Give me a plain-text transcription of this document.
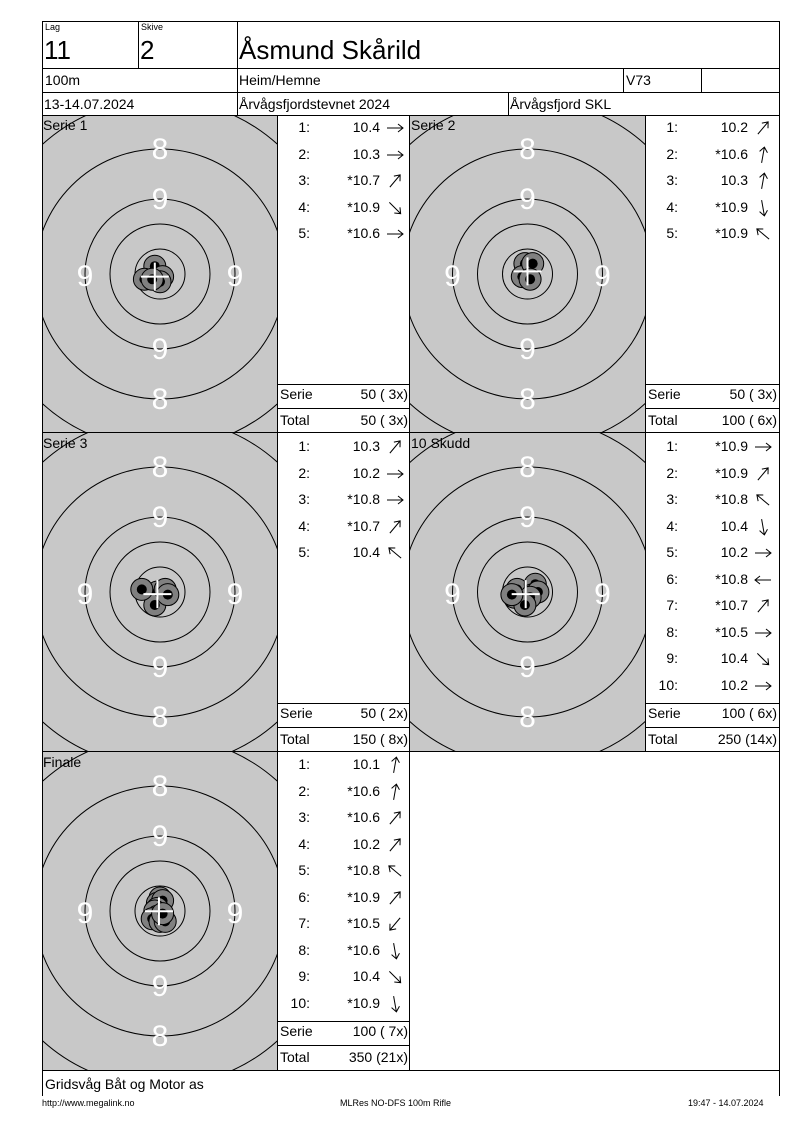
Lag
11
Skive
2	Åsmund Skårild
100m	Heim/Hemne	V73
13-14.07.2024	Årvågsfjordstevnet 2024	Årvågsfjord SKL
8
9
9
8
9	9
8
9
9
8
9	9
8
9
9
8
9	9
8
9
9
8
9	9
8
9
9
8
9	9
Serie 1	Serie 2
Serie 3	10 Skudd
Finale
1:	10.4
2:	10.3
3:	*10.7
4:	*10.9
5:	*10.6
1:	10.2
2:	*10.6
3:	10.3
4:	*10.9
5:	*10.9
1:	10.3
2:	10.2
3:	*10.8
4:	*10.7
5:	10.4
1:	*10.9
2:	*10.9
3:	*10.8
4:	10.4
5:	10.2
6:	*10.8
7:	*10.7
8:	*10.5
9:	10.4
10:	10.2
1:	10.1
2:	*10.6
3:	*10.6
4:	10.2
5:	*10.8
6:	*10.9
7:	*10.5
8:	*10.6
9:	10.4
10:	*10.9
Serie	50 ( 3x)
Total	50 ( 3x)
Serie	50 ( 3x)
Total	100 ( 6x)
Serie	50 ( 2x)
Total	150 ( 8x)
Serie	100 ( 6x)
Total	250 (14x)
Serie	100 ( 7x)
Total	350 (21x)
Gridsvåg Båt og Motor as
http://www.megalink.no	MLRes NO-DFS 100m Rifle	19:47 - 14.07.2024
